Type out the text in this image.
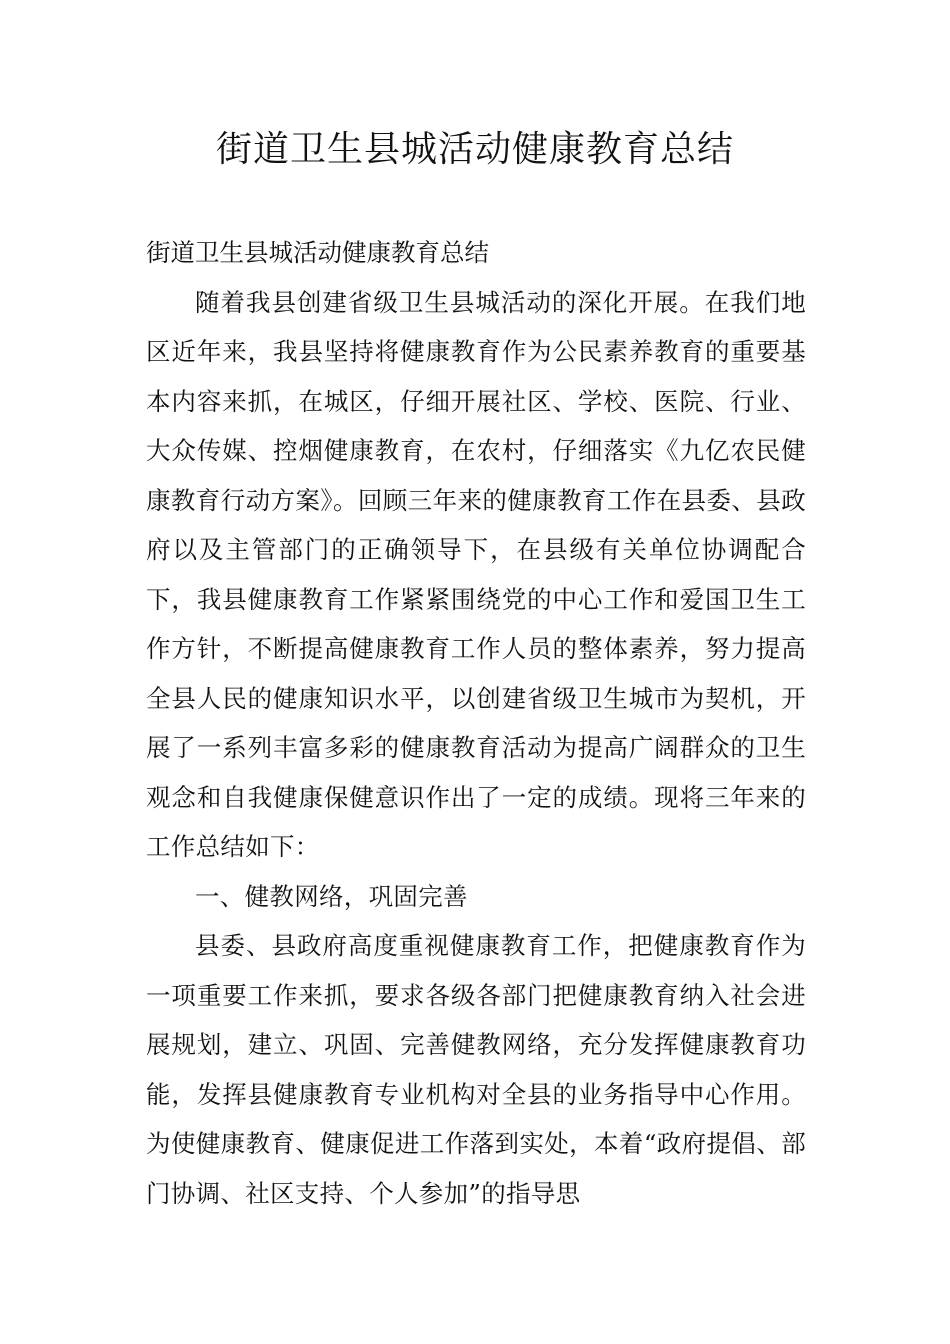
街道卫生县城活动健康教育总结

街道卫生县城活动健康教育总结

随着我县创建省级卫生县城活动的深化开展。在我们地区近年来，我县坚持将健康教育作为公民素养教育的重要基本内容来抓，在城区，仔细开展社区、学校、医院、行业、大众传媒、控烟健康教育，在农村，仔细落实《九亿农民健康教育行动方案》。回顾三年来的健康教育工作在县委、县政府以及主管部门的正确领导下，在县级有关单位协调配合下，我县健康教育工作紧紧围绕党的中心工作和爱国卫生工作方针，不断提高健康教育工作人员的整体素养，努力提高全县人民的健康知识水平，以创建省级卫生城市为契机，开展了一系列丰富多彩的健康教育活动为提高广阔群众的卫生观念和自我健康保健意识作出了一定的成绩。现将三年来的工作总结如下：

一、健教网络，巩固完善

县委、县政府高度重视健康教育工作，把健康教育作为一项重要工作来抓，要求各级各部门把健康教育纳入社会进展规划，建立、巩固、完善健教网络，充分发挥健康教育功能，发挥县健康教育专业机构对全县的业务指导中心作用。为使健康教育、健康促进工作落到实处，本着“政府提倡、部门协调、社区支持、个人参加”的指导思
